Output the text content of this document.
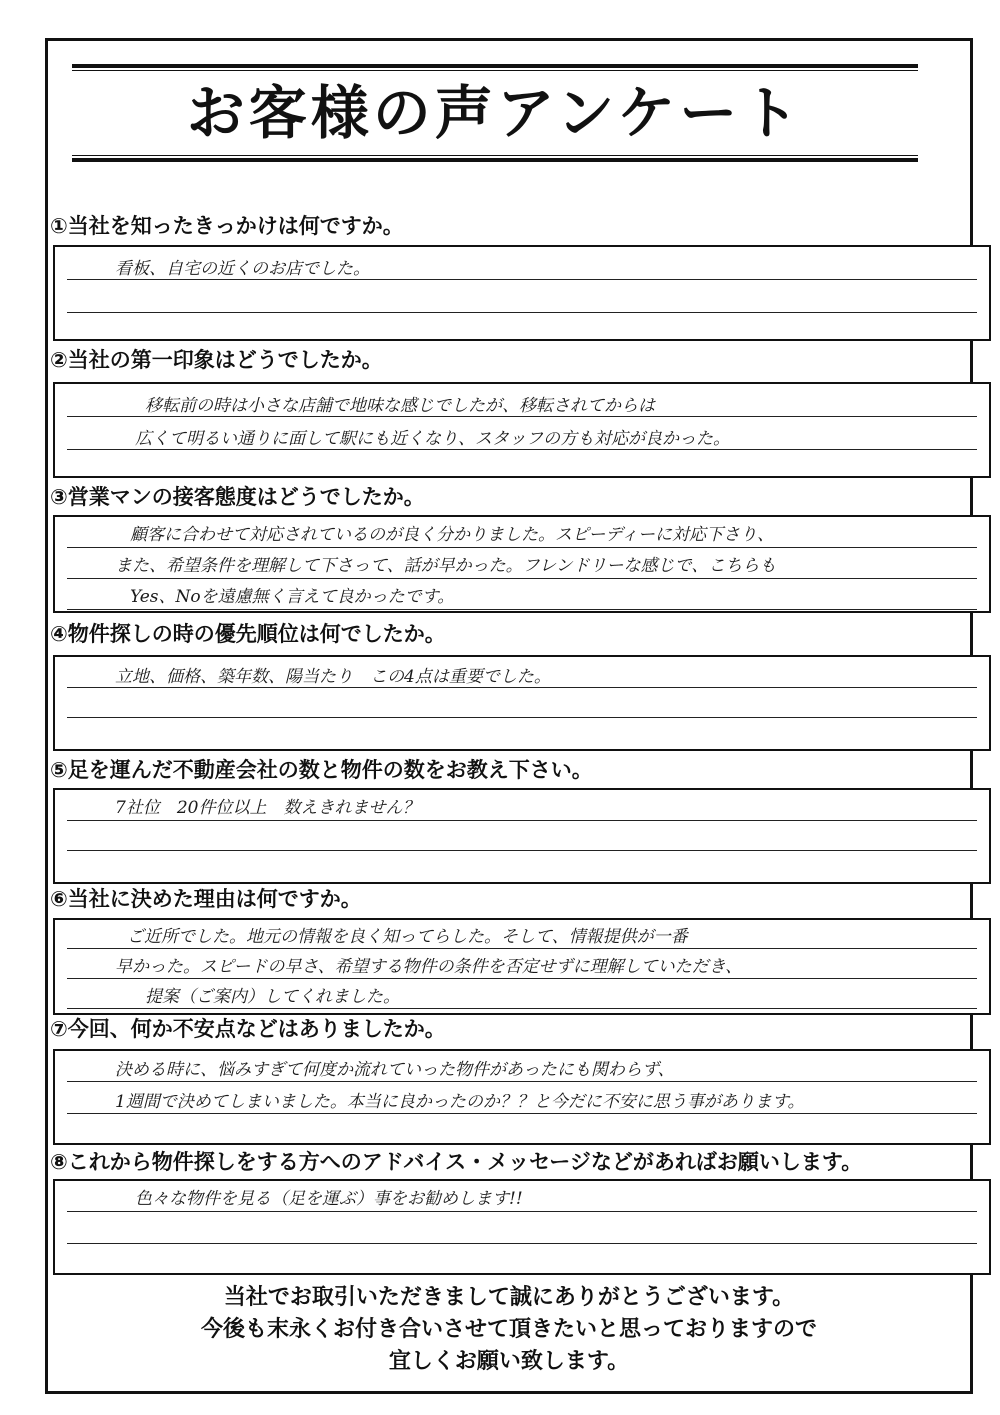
お客様の声アンケート
①当社を知ったきっかけは何ですか。
看板、自宅の近くのお店でした。
②当社の第一印象はどうでしたか。
移転前の時は小さな店舗で地味な感じでしたが、移転されてからは
広くて明るい通りに面して駅にも近くなり、スタッフの方も対応が良かった。
③営業マンの接客態度はどうでしたか。
顧客に合わせて対応されているのが良く分かりました。スピーディーに対応下さり、
また、希望条件を理解して下さって、話が早かった。フレンドリーな感じで、こちらも
Yes、Noを遠慮無く言えて良かったです。
④物件探しの時の優先順位は何でしたか。
立地、価格、築年数、陽当たり　この4点は重要でした。
⑤足を運んだ不動産会社の数と物件の数をお教え下さい。
7社位　20件位以上　数えきれません？
⑥当社に決めた理由は何ですか。
ご近所でした。地元の情報を良く知ってらした。そして、情報提供が一番
早かった。スピードの早さ、希望する物件の条件を否定せずに理解していただき、
提案（ご案内）してくれました。
⑦今回、何か不安点などはありましたか。
決める時に、悩みすぎて何度か流れていった物件があったにも関わらず、
1週間で決めてしまいました。本当に良かったのか？？と今だに不安に思う事があります。
⑧これから物件探しをする方へのアドバイス・メッセージなどがあればお願いします。
色々な物件を見る（足を運ぶ）事をお勧めします!!
当社でお取引いただきまして誠にありがとうございます。
今後も末永くお付き合いさせて頂きたいと思っておりますので
宜しくお願い致します。
